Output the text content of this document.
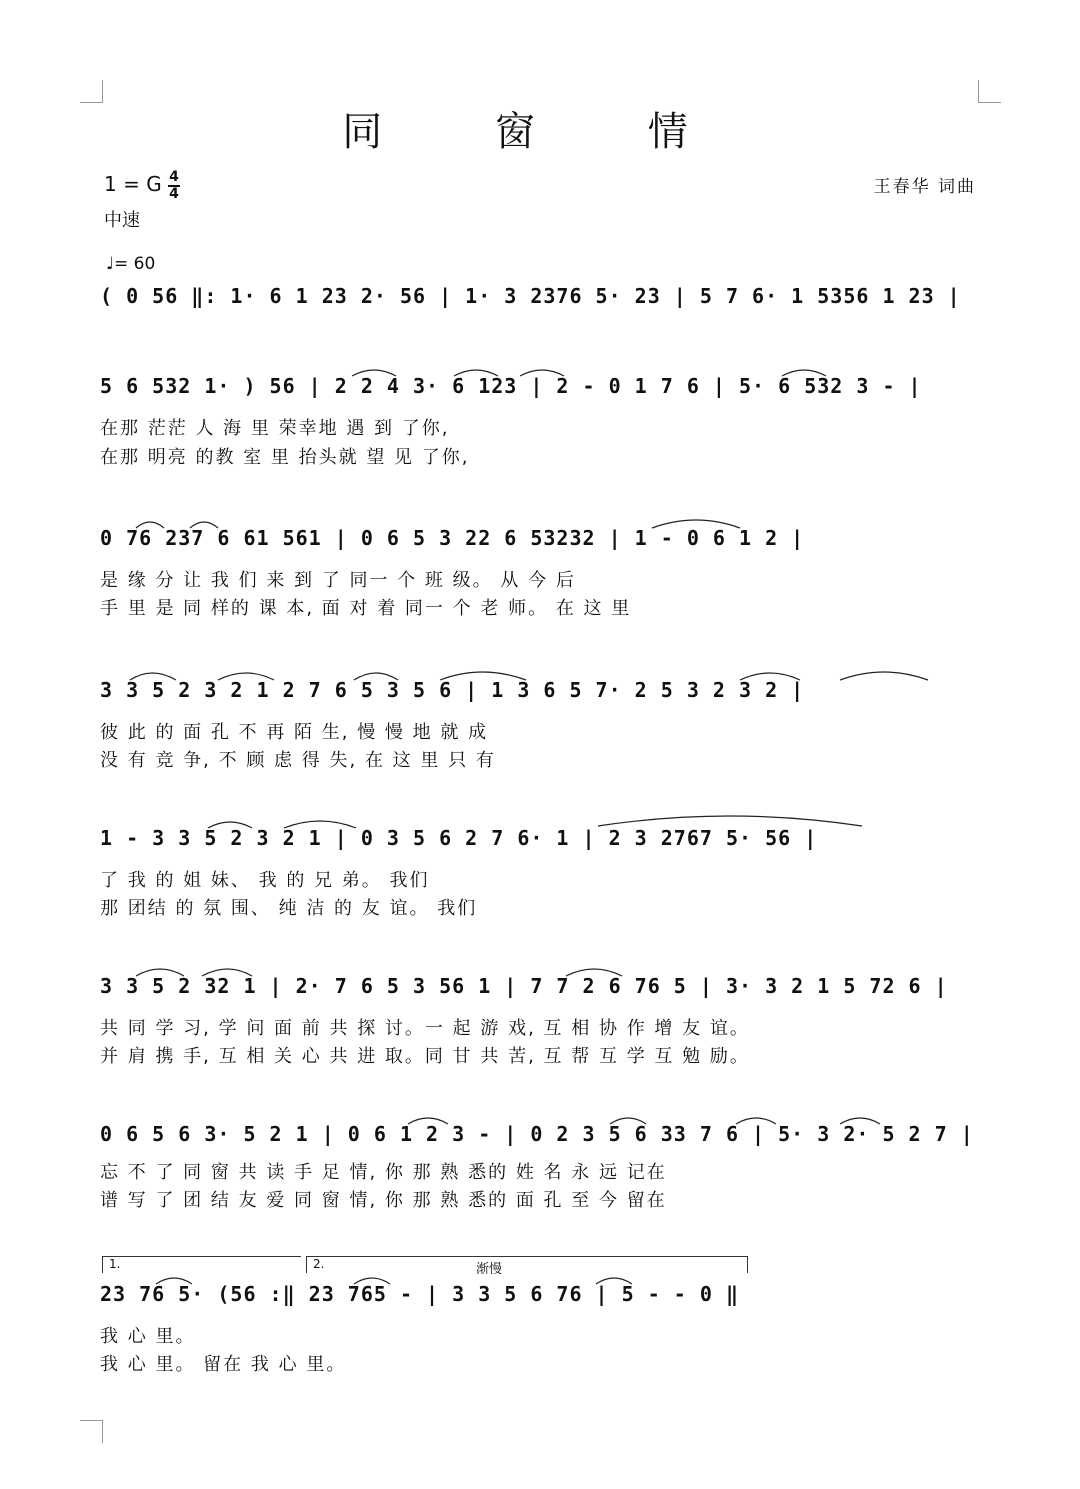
同 窗 情
1 = G 4
4
中速
♩= 60
王春华 词曲
( 0 56 ‖: 1· 6 1 23 2· 56 | 1· 3 2376 5· 23 | 5 7 6· 1 5356 1 23 |
5 6 532 1· ) 56 | 2 2 4 3· 6 123 | 2 - 0 1 7 6 | 5· 6 532 3 - |
在那 茫茫 人 海 里 荣幸地 遇 到 了你,
在那 明亮 的教 室 里 抬头就 望 见 了你,
0 76 237 6 61 561 | 0 6 5 3 22 6 53232 | 1 - 0 6 1 2 |
是 缘 分 让 我 们 来 到 了 同一 个 班 级。 从 今 后
手 里 是 同 样的 课 本, 面 对 着 同一 个 老 师。 在 这 里
3 3 5 2 3 2 1 2 7 6 5 3 5 6 | 1 3 6 5 7· 2 5 3 2 3 2 |
彼 此 的 面 孔 不 再 陌 生, 慢 慢 地 就 成
没 有 竞 争, 不 顾 虑 得 失, 在 这 里 只 有
1 - 3 3 5 2 3 2 1 | 0 3 5 6 2 7 6· 1 | 2 3 2767 5· 56 |
了 我 的 姐 妹、 我 的 兄 弟。 我们
那 团结 的 氛 围、 纯 洁 的 友 谊。 我们
3 3 5 2 32 1 | 2· 7 6 5 3 56 1 | 7 7 2 6 76 5 | 3· 3 2 1 5 72 6 |
共 同 学 习, 学 问 面 前 共 探 讨。一 起 游 戏, 互 相 协 作 增 友 谊。
并 肩 携 手, 互 相 关 心 共 进 取。同 甘 共 苦, 互 帮 互 学 互 勉 励。
0 6 5 6 3· 5 2 1 | 0 6 1 2 3 - | 0 2 3 5 6 33 7 6 | 5· 3 2· 5 2 7 |
忘 不 了 同 窗 共 读 手 足 情, 你 那 熟 悉的 姓 名 永 远 记在
谱 写 了 团 结 友 爱 同 窗 情, 你 那 熟 悉的 面 孔 至 今 留在
1.	2.	渐慢
23 76 5· (56 :‖ 23 765 - | 3 3 5 6 76 | 5 - - 0 ‖
我 心 里。
我 心 里。 留在 我 心 里。
